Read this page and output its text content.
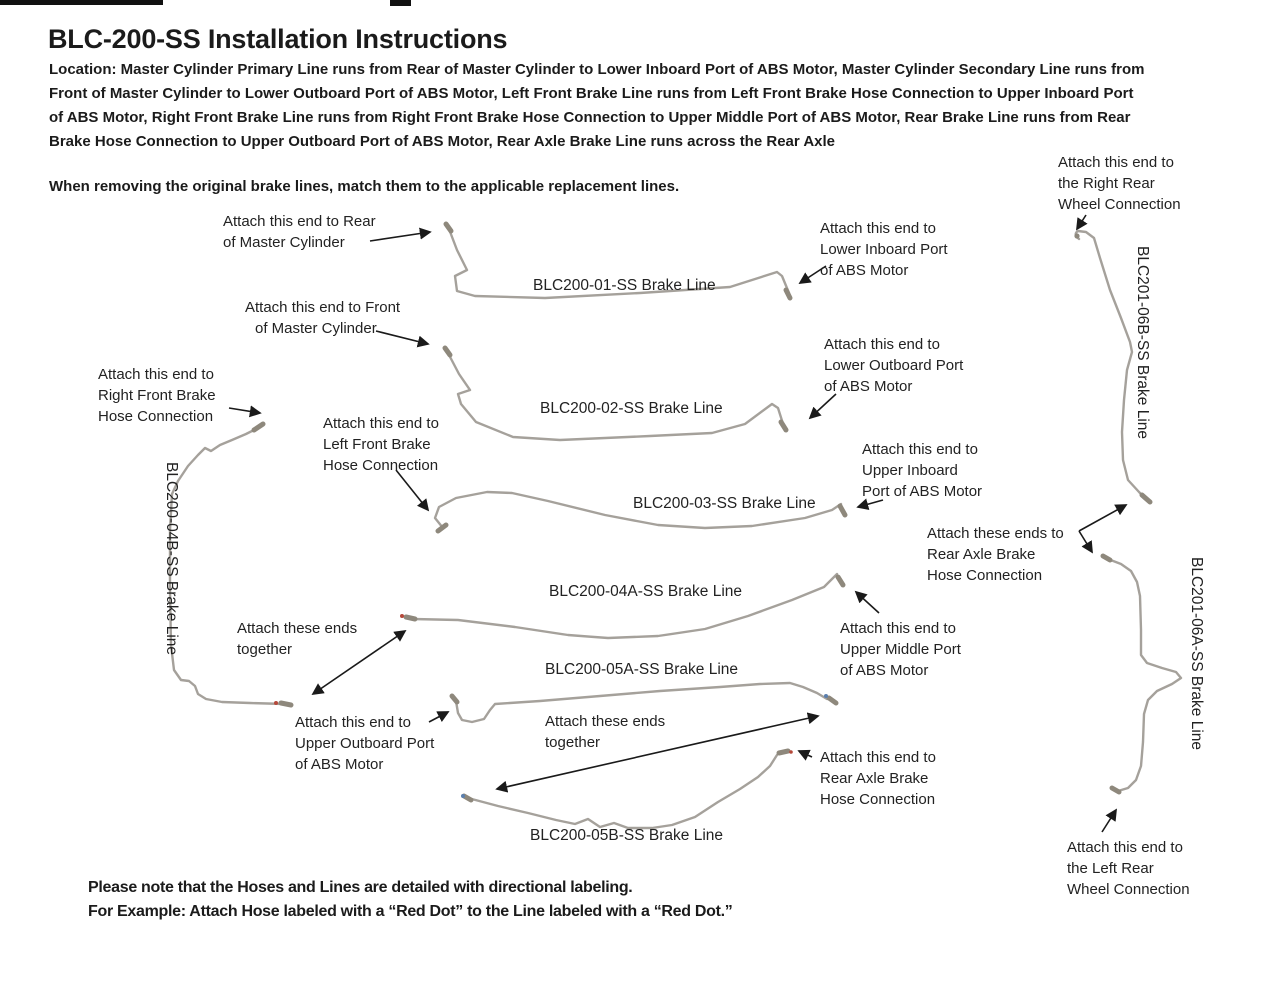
BLC-200-SS Installation Instructions
Location: Master Cylinder Primary Line runs from Rear of Master Cylinder to Lower Inboard Port of ABS Motor, Master Cylinder Secondary Line runs from
Front of Master Cylinder to Lower Outboard Port of ABS Motor, Left Front Brake Line runs from Left Front Brake Hose Connection to Upper Inboard Port
of ABS Motor, Right Front Brake Line runs from Right Front Brake Hose Connection to Upper Middle Port of ABS Motor, Rear Brake Line runs from Rear
Brake Hose Connection to Upper Outboard Port of ABS Motor, Rear Axle Brake Line runs across the Rear Axle
When removing the original brake lines, match them to the applicable replacement lines.
Attach this end to Rear
of Master Cylinder
Attach this end to
Lower Inboard Port
of ABS Motor
Attach this end to Front
of Master Cylinder
Attach this end to
Lower Outboard Port
of ABS Motor
Attach this end to
Right Front Brake
Hose Connection	Attach this end to
Left Front Brake
Hose Connection
Attach this end to
Upper Inboard
Port of ABS Motor
Attach these ends to
Rear Axle Brake
Hose Connection
Attach this end to
Upper Middle Port
of ABS Motor
Attach these ends
together
Attach this end to
Upper Outboard Port
of ABS Motor
Attach these ends
together
Attach this end to
Rear Axle Brake
Hose Connection
Attach this end to
the Right Rear
Wheel Connection
Attach this end to
the Left Rear
Wheel Connection
BLC200-01-SS Brake Line
BLC200-02-SS Brake Line
BLC200-03-SS Brake Line
BLC200-04A-SS Brake Line
BLC200-05A-SS Brake Line
BLC200-05B-SS Brake Line
BLC200-04B-SS Brake Line
BLC201-06B-SS Brake Line
BLC201-06A-SS Brake Line
Please note that the Hoses and Lines are detailed with directional labeling.
For Example: Attach Hose labeled with a “Red Dot” to the Line labeled with a “Red Dot.”
